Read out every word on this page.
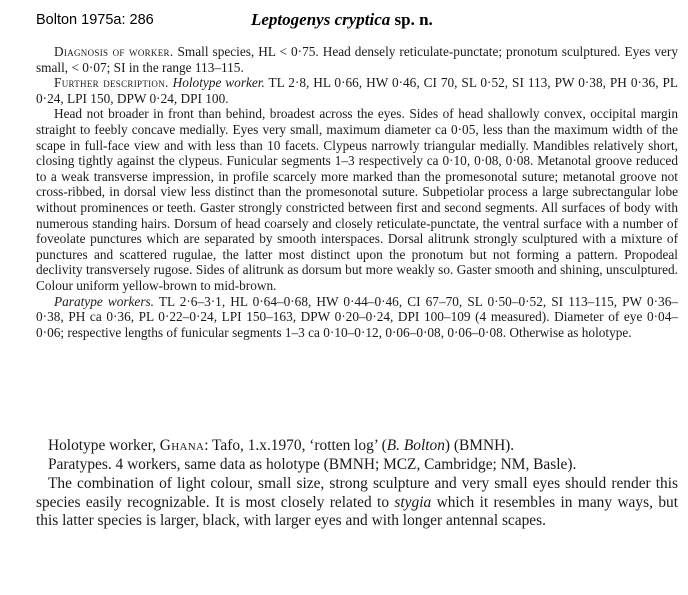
Bolton 1975a: 286	Leptogenys cryptica sp. n.

Diagnosis of worker. Small species, HL < 0·75. Head densely reticulate-punctate; pronotum sculptured. Eyes very small, < 0·07; SI in the range 113–115.

Further description. Holotype worker. TL 2·8, HL 0·66, HW 0·46, CI 70, SL 0·52, SI 113, PW 0·38, PH 0·36, PL 0·24, LPI 150, DPW 0·24, DPI 100.

Head not broader in front than behind, broadest across the eyes. Sides of head shallowly convex, occipital margin straight to feebly concave medially. Eyes very small, maximum diameter ca 0·05, less than the maximum width of the scape in full-face view and with less than 10 facets. Clypeus narrowly triangular medially. Mandibles relatively short, closing tightly against the clypeus. Funicular segments 1–3 respectively ca 0·10, 0·08, 0·08. Metanotal groove reduced to a weak transverse impression, in profile scarcely more marked than the promesonotal suture; metanotal groove not cross-ribbed, in dorsal view less distinct than the promesonotal suture. Subpetiolar process a large subrectangular lobe without prominences or teeth. Gaster strongly constricted between first and second segments. All surfaces of body with numerous standing hairs. Dorsum of head coarsely and closely reticulate-punctate, the ventral surface with a number of foveolate punctures which are separated by smooth interspaces. Dorsal alitrunk strongly sculptured with a mixture of punctures and scattered rugulae, the latter most distinct upon the pronotum but not forming a pattern. Propodeal declivity transversely rugose. Sides of alitrunk as dorsum but more weakly so. Gaster smooth and shining, unsculptured. Colour uniform yellow-brown to mid-brown.

Paratype workers. TL 2·6–3·1, HL 0·64–0·68, HW 0·44–0·46, CI 67–70, SL 0·50–0·52, SI 113–115, PW 0·36–0·38, PH ca 0·36, PL 0·22–0·24, LPI 150–163, DPW 0·20–0·24, DPI 100–109 (4 measured). Diameter of eye 0·04–0·06; respective lengths of funicular segments 1–3 ca 0·10–0·12, 0·06–0·08, 0·06–0·08. Otherwise as holotype.

Holotype worker, Ghana: Tafo, 1.x.1970, ‘rotten log’ (B. Bolton) (BMNH).

Paratypes. 4 workers, same data as holotype (BMNH; MCZ, Cambridge; NM, Basle).

The combination of light colour, small size, strong sculpture and very small eyes should render this species easily recognizable. It is most closely related to stygia which it resembles in many ways, but this latter species is larger, black, with larger eyes and with longer antennal scapes.
